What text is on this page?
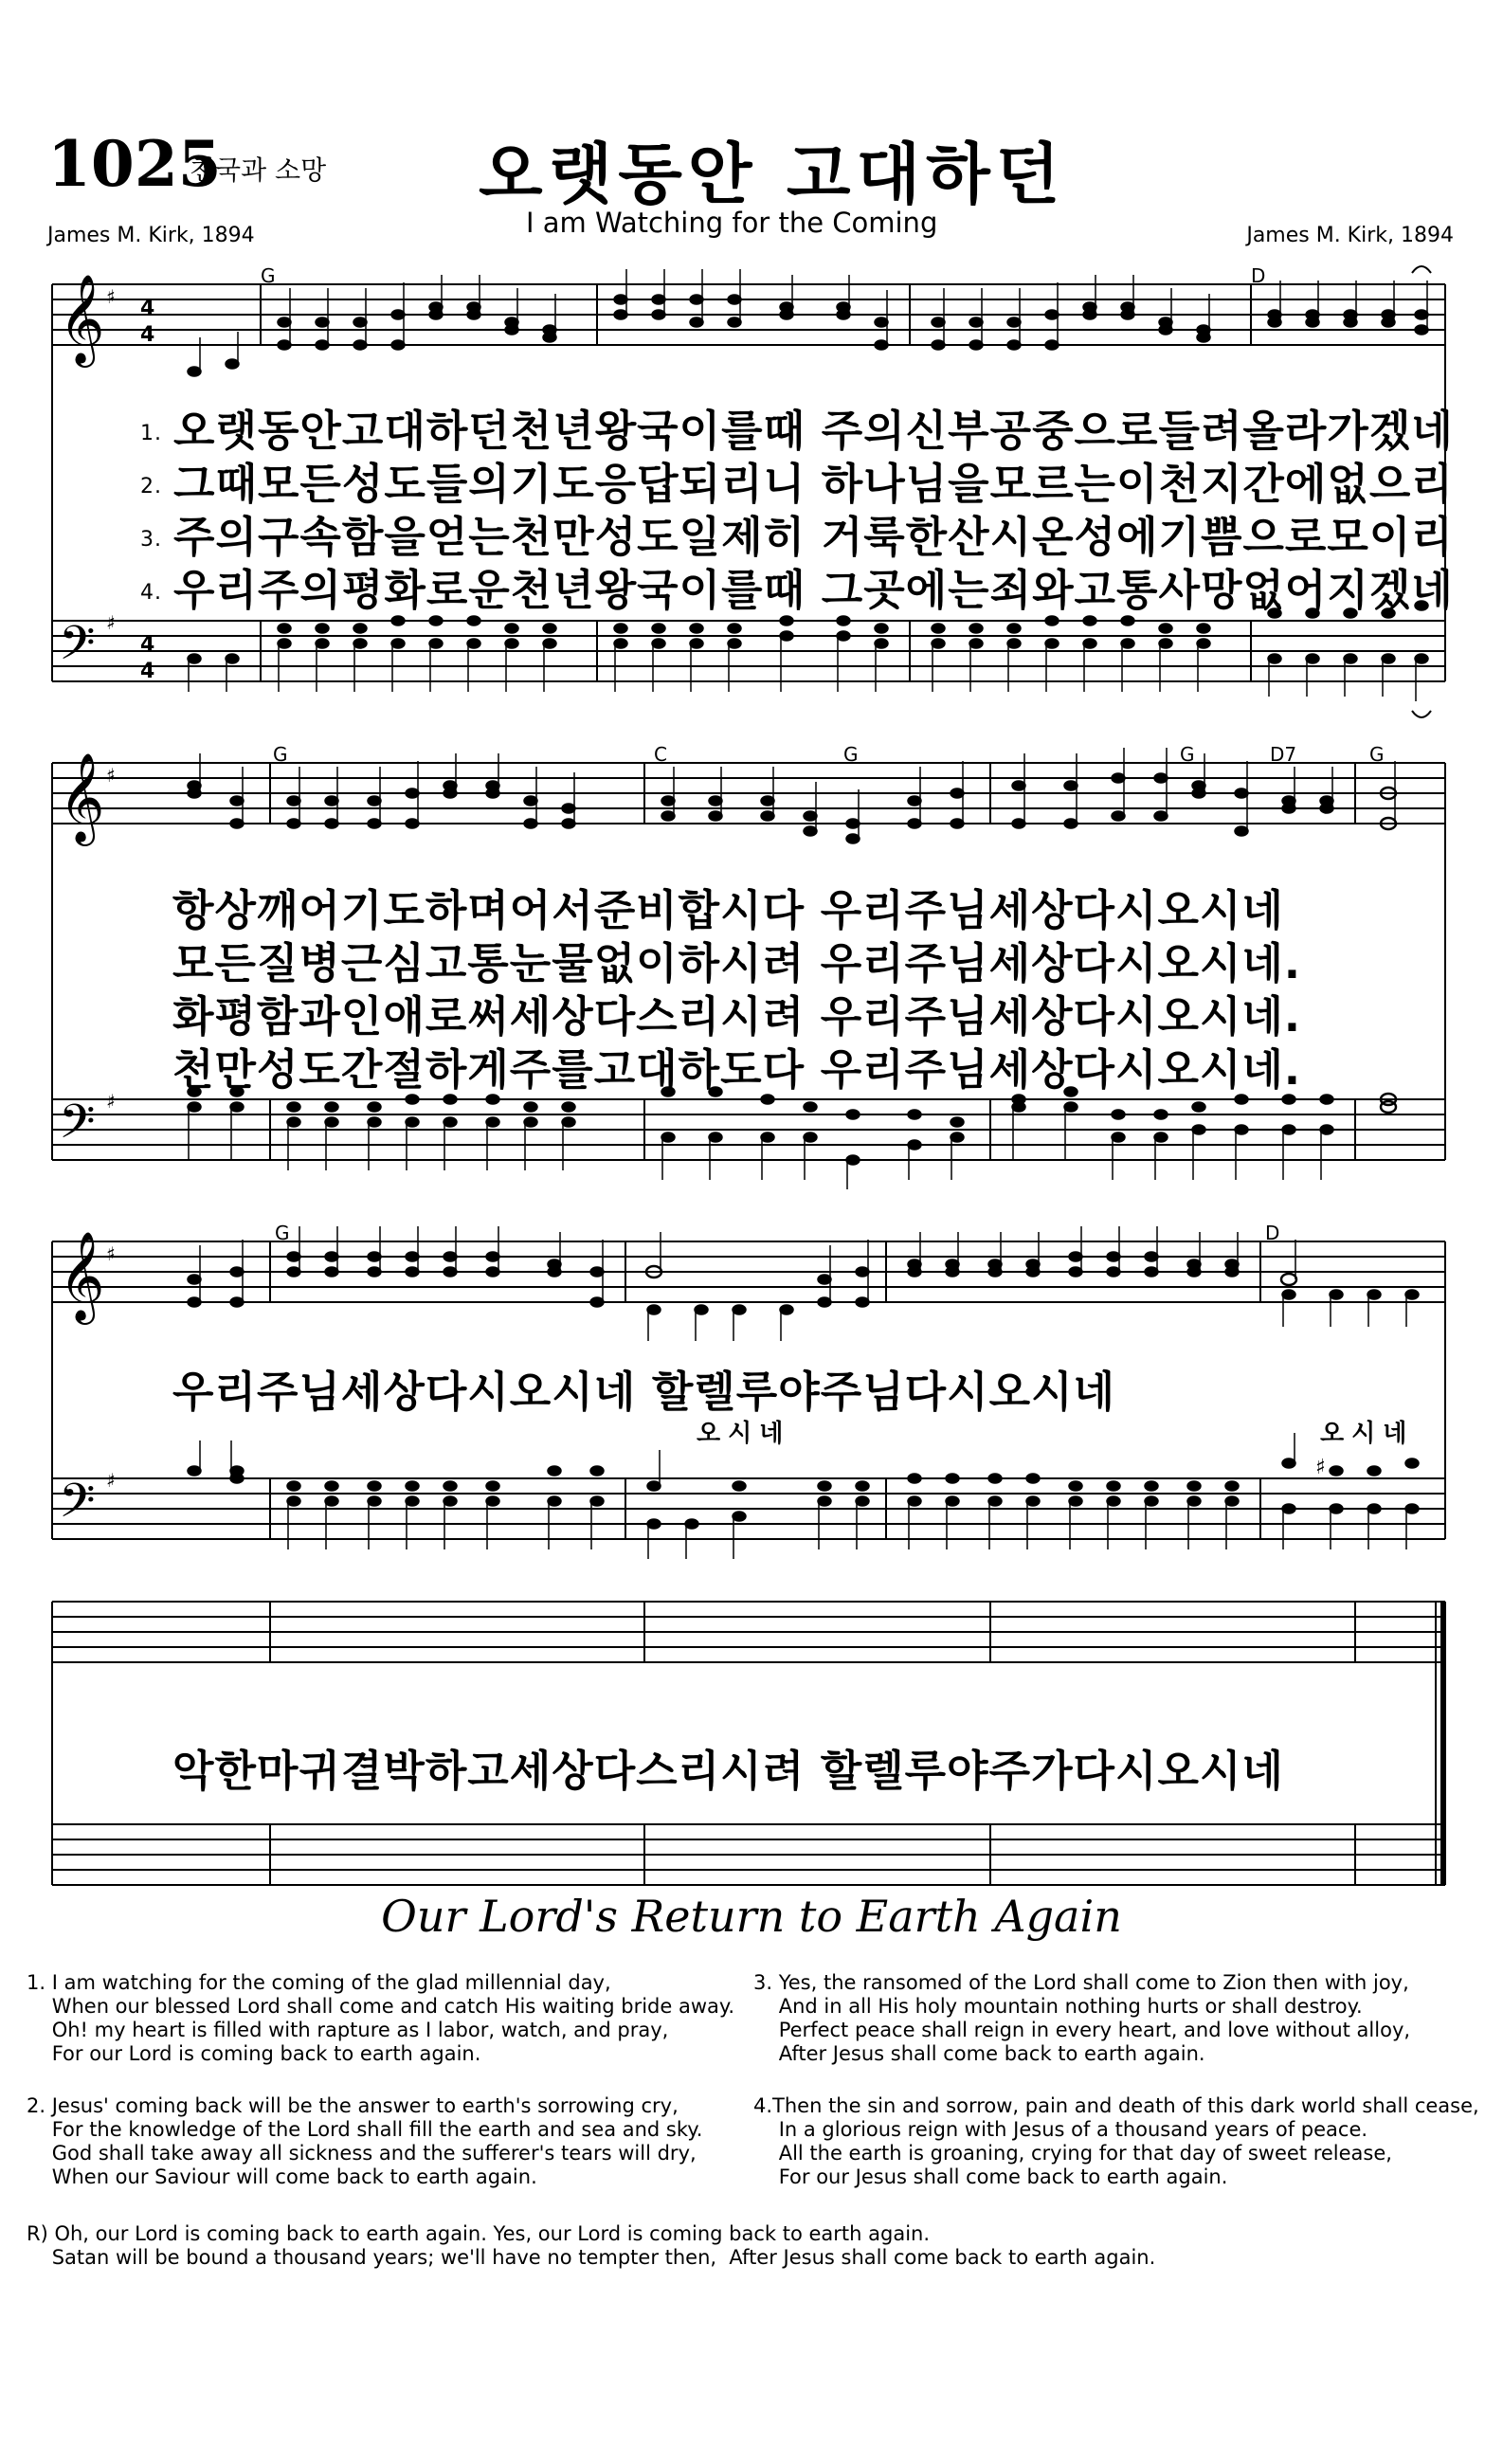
1025
천국과 소망 오랫동안 고대하던
I am Watching for the Coming
James M. Kirk, 1894	James M. Kirk, 1894
𝄞
𝄢
♯
♯
4
4
4
4
G	D
1. 오랫동안고대하던천년왕국이를때 주의신부공중으로들려올라가겠네
2. 그때모든성도들의기도응답되리니 하나님을모르는이천지간에없으리
3. 주의구속함을얻는천만성도일제히 거룩한산시온성에기쁨으로모이리
4. 우리주의평화로운천년왕국이를때 그곳에는죄와고통사망없어지겠네
𝄞
𝄢
♯
♯
G	C	G	G	D7	G
항상깨어기도하며어서준비합시다 우리주님세상다시오시네
모든질병근심고통눈물없이하시려 우리주님세상다시오시네.
화평함과인애로써세상다스리시려 우리주님세상다시오시네.
천만성도간절하게주를고대하도다 우리주님세상다시오시네.
𝄞
𝄢
♯
♯
G	D
♯
우리주님세상다시오시네 할렐루야주님다시오시네
오시네	오시네
악한마귀결박하고세상다스리시려 할렐루야주가다시오시네
Our Lord's Return to Earth Again
1. I am watching for the coming of the glad millennial day,
When our blessed Lord shall come and catch His waiting bride away.
Oh! my heart is filled with rapture as I labor, watch, and pray,
For our Lord is coming back to earth again.
3. Yes, the ransomed of the Lord shall come to Zion then with joy,
And in all His holy mountain nothing hurts or shall destroy.
Perfect peace shall reign in every heart, and love without alloy,
After Jesus shall come back to earth again.
2. Jesus' coming back will be the answer to earth's sorrowing cry,
For the knowledge of the Lord shall fill the earth and sea and sky.
God shall take away all sickness and the sufferer's tears will dry,
When our Saviour will come back to earth again.
4.Then the sin and sorrow, pain and death of this dark world shall cease,
In a glorious reign with Jesus of a thousand years of peace.
All the earth is groaning, crying for that day of sweet release,
For our Jesus shall come back to earth again.
R) Oh, our Lord is coming back to earth again. Yes, our Lord is coming back to earth again.
Satan will be bound a thousand years; we'll have no tempter then,  After Jesus shall come back to earth again.
